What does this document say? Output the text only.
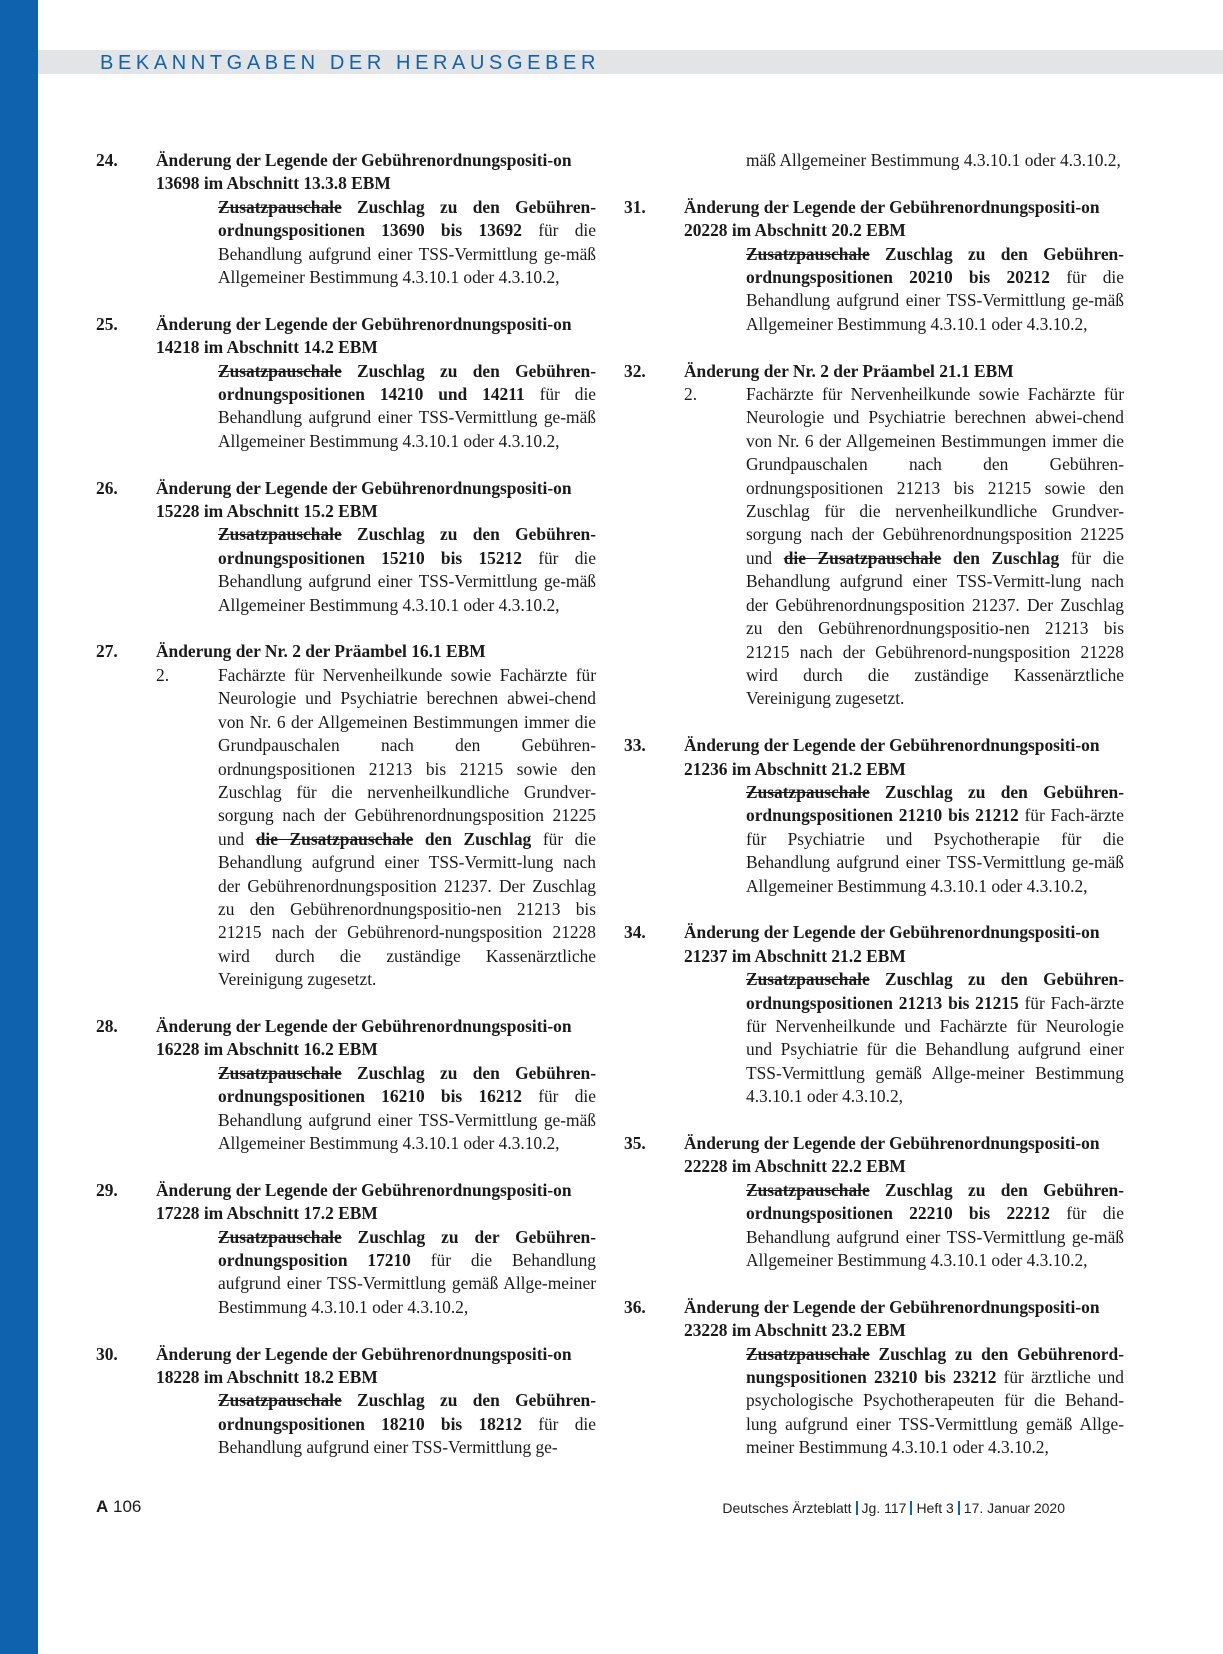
BEKANNTGABEN DER HERAUSGEBER
24. Änderung der Legende der Gebührenordnungspositi-on 13698 im Abschnitt 13.3.8 EBM
Zusatzpauschale Zuschlag zu den Gebühren-ordnungspositionen 13690 bis 13692 für die Behandlung aufgrund einer TSS-Vermittlung ge-mäß Allgemeiner Bestimmung 4.3.10.1 oder 4.3.10.2,
25. Änderung der Legende der Gebührenordnungspositi-on 14218 im Abschnitt 14.2 EBM
Zusatzpauschale Zuschlag zu den Gebühren-ordnungspositionen 14210 und 14211 für die Behandlung aufgrund einer TSS-Vermittlung ge-mäß Allgemeiner Bestimmung 4.3.10.1 oder 4.3.10.2,
26. Änderung der Legende der Gebührenordnungspositi-on 15228 im Abschnitt 15.2 EBM
Zusatzpauschale Zuschlag zu den Gebühren-ordnungspositionen 15210 bis 15212 für die Behandlung aufgrund einer TSS-Vermittlung ge-mäß Allgemeiner Bestimmung 4.3.10.1 oder 4.3.10.2,
27. Änderung der Nr. 2 der Präambel 16.1 EBM
2.	Fachärzte für Nervenheilkunde sowie Fachärzte für Neurologie und Psychiatrie berechnen abwei-chend von Nr. 6 der Allgemeinen Bestimmungen immer die Grundpauschalen nach den Gebühren-ordnungspositionen 21213 bis 21215 sowie den Zuschlag für die nervenheilkundliche Grundver-sorgung nach der Gebührenordnungsposition 21225 und die Zusatzpauschale den Zuschlag für die Behandlung aufgrund einer TSS-Vermitt-lung nach der Gebührenordnungsposition 21237. Der Zuschlag zu den Gebührenordnungspositio-nen 21213 bis 21215 nach der Gebührenord-nungsposition 21228 wird durch die zuständige Kassenärztliche Vereinigung zugesetzt.
28. Änderung der Legende der Gebührenordnungspositi-on 16228 im Abschnitt 16.2 EBM
Zusatzpauschale Zuschlag zu den Gebühren-ordnungspositionen 16210 bis 16212 für die Behandlung aufgrund einer TSS-Vermittlung ge-mäß Allgemeiner Bestimmung 4.3.10.1 oder 4.3.10.2,
29. Änderung der Legende der Gebührenordnungspositi-on 17228 im Abschnitt 17.2 EBM
Zusatzpauschale Zuschlag zu der Gebühren-ordnungsposition 17210 für die Behandlung aufgrund einer TSS-Vermittlung gemäß Allge-meiner Bestimmung 4.3.10.1 oder 4.3.10.2,
30. Änderung der Legende der Gebührenordnungspositi-on 18228 im Abschnitt 18.2 EBM
Zusatzpauschale Zuschlag zu den Gebühren-ordnungspositionen 18210 bis 18212 für die Behandlung aufgrund einer TSS-Vermittlung ge-
mäß Allgemeiner Bestimmung 4.3.10.1 oder 4.3.10.2,
31. Änderung der Legende der Gebührenordnungspositi-on 20228 im Abschnitt 20.2 EBM
Zusatzpauschale Zuschlag zu den Gebühren-ordnungspositionen 20210 bis 20212 für die Behandlung aufgrund einer TSS-Vermittlung ge-mäß Allgemeiner Bestimmung 4.3.10.1 oder 4.3.10.2,
32. Änderung der Nr. 2 der Präambel 21.1 EBM
2.	Fachärzte für Nervenheilkunde sowie Fachärzte für Neurologie und Psychiatrie berechnen abwei-chend von Nr. 6 der Allgemeinen Bestimmungen immer die Grundpauschalen nach den Gebühren-ordnungspositionen 21213 bis 21215 sowie den Zuschlag für die nervenheilkundliche Grundver-sorgung nach der Gebührenordnungsposition 21225 und die Zusatzpauschale den Zuschlag für die Behandlung aufgrund einer TSS-Vermitt-lung nach der Gebührenordnungsposition 21237. Der Zuschlag zu den Gebührenordnungspositio-nen 21213 bis 21215 nach der Gebührenord-nungsposition 21228 wird durch die zuständige Kassenärztliche Vereinigung zugesetzt.
33. Änderung der Legende der Gebührenordnungspositi-on 21236 im Abschnitt 21.2 EBM
Zusatzpauschale Zuschlag zu den Gebühren-ordnungspositionen 21210 bis 21212 für Fach-ärzte für Psychiatrie und Psychotherapie für die Behandlung aufgrund einer TSS-Vermittlung ge-mäß Allgemeiner Bestimmung 4.3.10.1 oder 4.3.10.2,
34. Änderung der Legende der Gebührenordnungspositi-on 21237 im Abschnitt 21.2 EBM
Zusatzpauschale Zuschlag zu den Gebühren-ordnungspositionen 21213 bis 21215 für Fach-ärzte für Nervenheilkunde und Fachärzte für Neurologie und Psychiatrie für die Behandlung aufgrund einer TSS-Vermittlung gemäß Allge-meiner Bestimmung 4.3.10.1 oder 4.3.10.2,
35. Änderung der Legende der Gebührenordnungspositi-on 22228 im Abschnitt 22.2 EBM
Zusatzpauschale Zuschlag zu den Gebühren-ordnungspositionen 22210 bis 22212 für die Behandlung aufgrund einer TSS-Vermittlung ge-mäß Allgemeiner Bestimmung 4.3.10.1 oder 4.3.10.2,
36. Änderung der Legende der Gebührenordnungspositi-on 23228 im Abschnitt 23.2 EBM
Zusatzpauschale Zuschlag zu den Gebührenord-nungspositionen 23210 bis 23212 für ärztliche und psychologische Psychotherapeuten für die Behand-lung aufgrund einer TSS-Vermittlung gemäß Allge-meiner Bestimmung 4.3.10.1 oder 4.3.10.2,
A 106	Deutsches Ärzteblatt Jg. 117 Heft 3 17. Januar 2020
